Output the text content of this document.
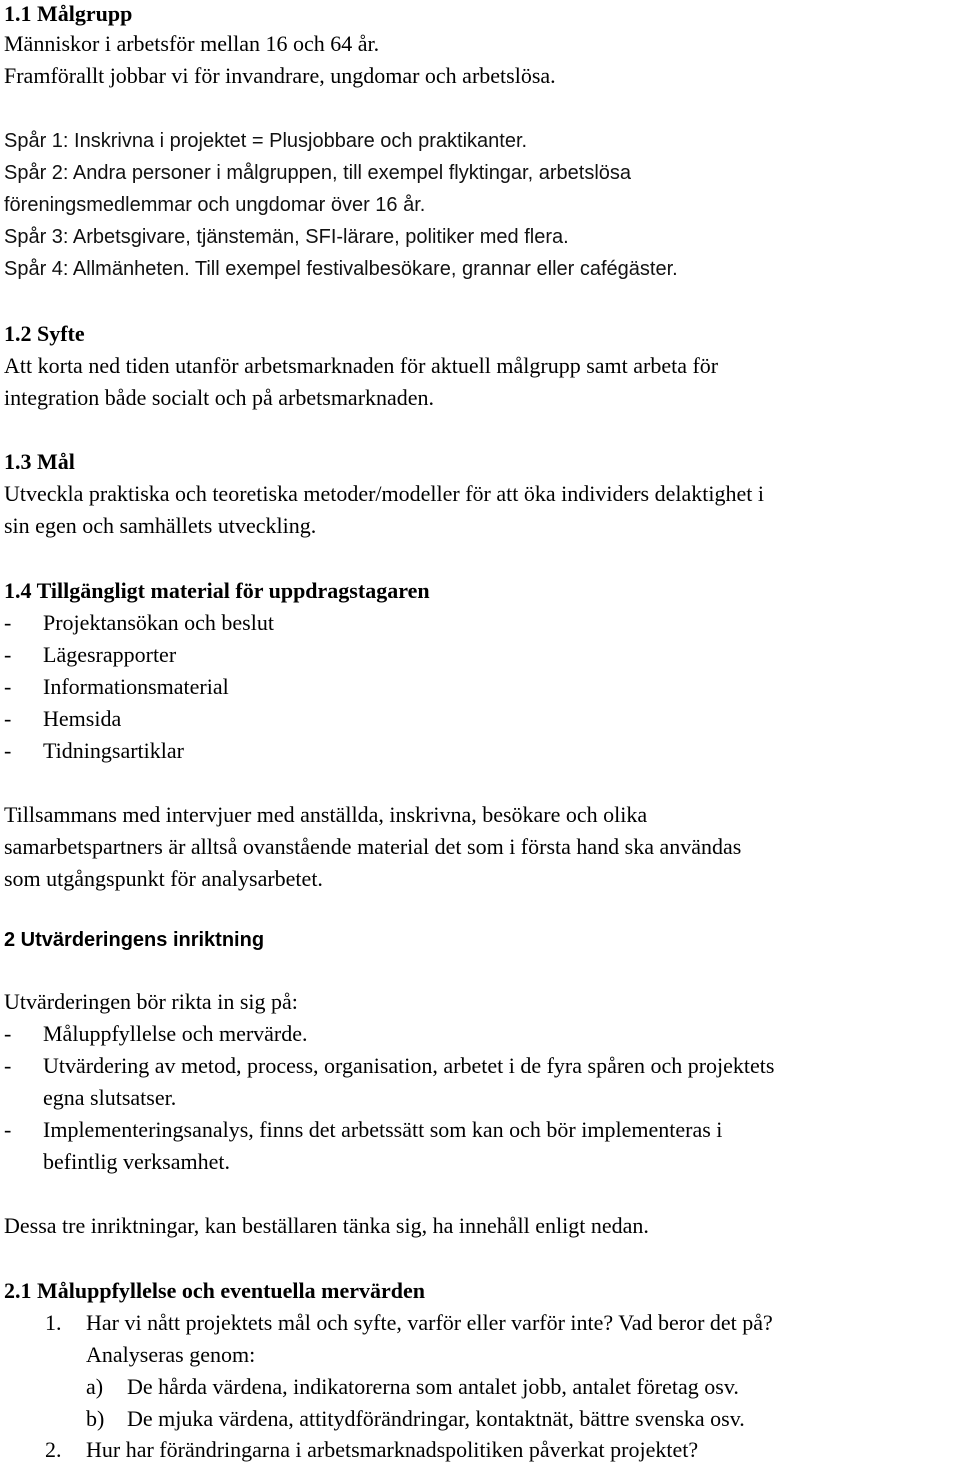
1.1 Målgrupp
Människor i arbetsför mellan 16 och 64 år.
Framförallt jobbar vi för invandrare, ungdomar och arbetslösa.
Spår 1: Inskrivna i projektet = Plusjobbare och praktikanter.
Spår 2: Andra personer i målgruppen, till exempel flyktingar, arbetslösa
föreningsmedlemmar och ungdomar över 16 år.
Spår 3: Arbetsgivare, tjänstemän, SFI-lärare, politiker med flera.
Spår 4: Allmänheten. Till exempel festivalbesökare, grannar eller cafégäster.
1.2 Syfte
Att korta ned tiden utanför arbetsmarknaden för aktuell målgrupp samt arbeta för
integration både socialt och på arbetsmarknaden.
1.3 Mål
Utveckla praktiska och teoretiska metoder/modeller för att öka individers delaktighet i
sin egen och samhällets utveckling.
1.4 Tillgängligt material för uppdragstagaren
- Projektansökan och beslut
- Lägesrapporter
- Informationsmaterial
- Hemsida
- Tidningsartiklar
Tillsammans med intervjuer med anställda, inskrivna, besökare och olika
samarbetspartners är alltså ovanstående material det som i första hand ska användas
som utgångspunkt för analysarbetet.
2 Utvärderingens inriktning
Utvärderingen bör rikta in sig på:
- Måluppfyllelse och mervärde.
- Utvärdering av metod, process, organisation, arbetet i de fyra spåren och projektets
egna slutsatser.
- Implementeringsanalys, finns det arbetssätt som kan och bör implementeras i
befintlig verksamhet.
Dessa tre inriktningar, kan beställaren tänka sig, ha innehåll enligt nedan.
2.1 Måluppfyllelse och eventuella mervärden
1. Har vi nått projektets mål och syfte, varför eller varför inte? Vad beror det på?
Analyseras genom:
a) De hårda värdena, indikatorerna som antalet jobb, antalet företag osv.
b) De mjuka värdena, attitydförändringar, kontaktnät, bättre svenska osv.
2. Hur har förändringarna i arbetsmarknadspolitiken påverkat projektet?
